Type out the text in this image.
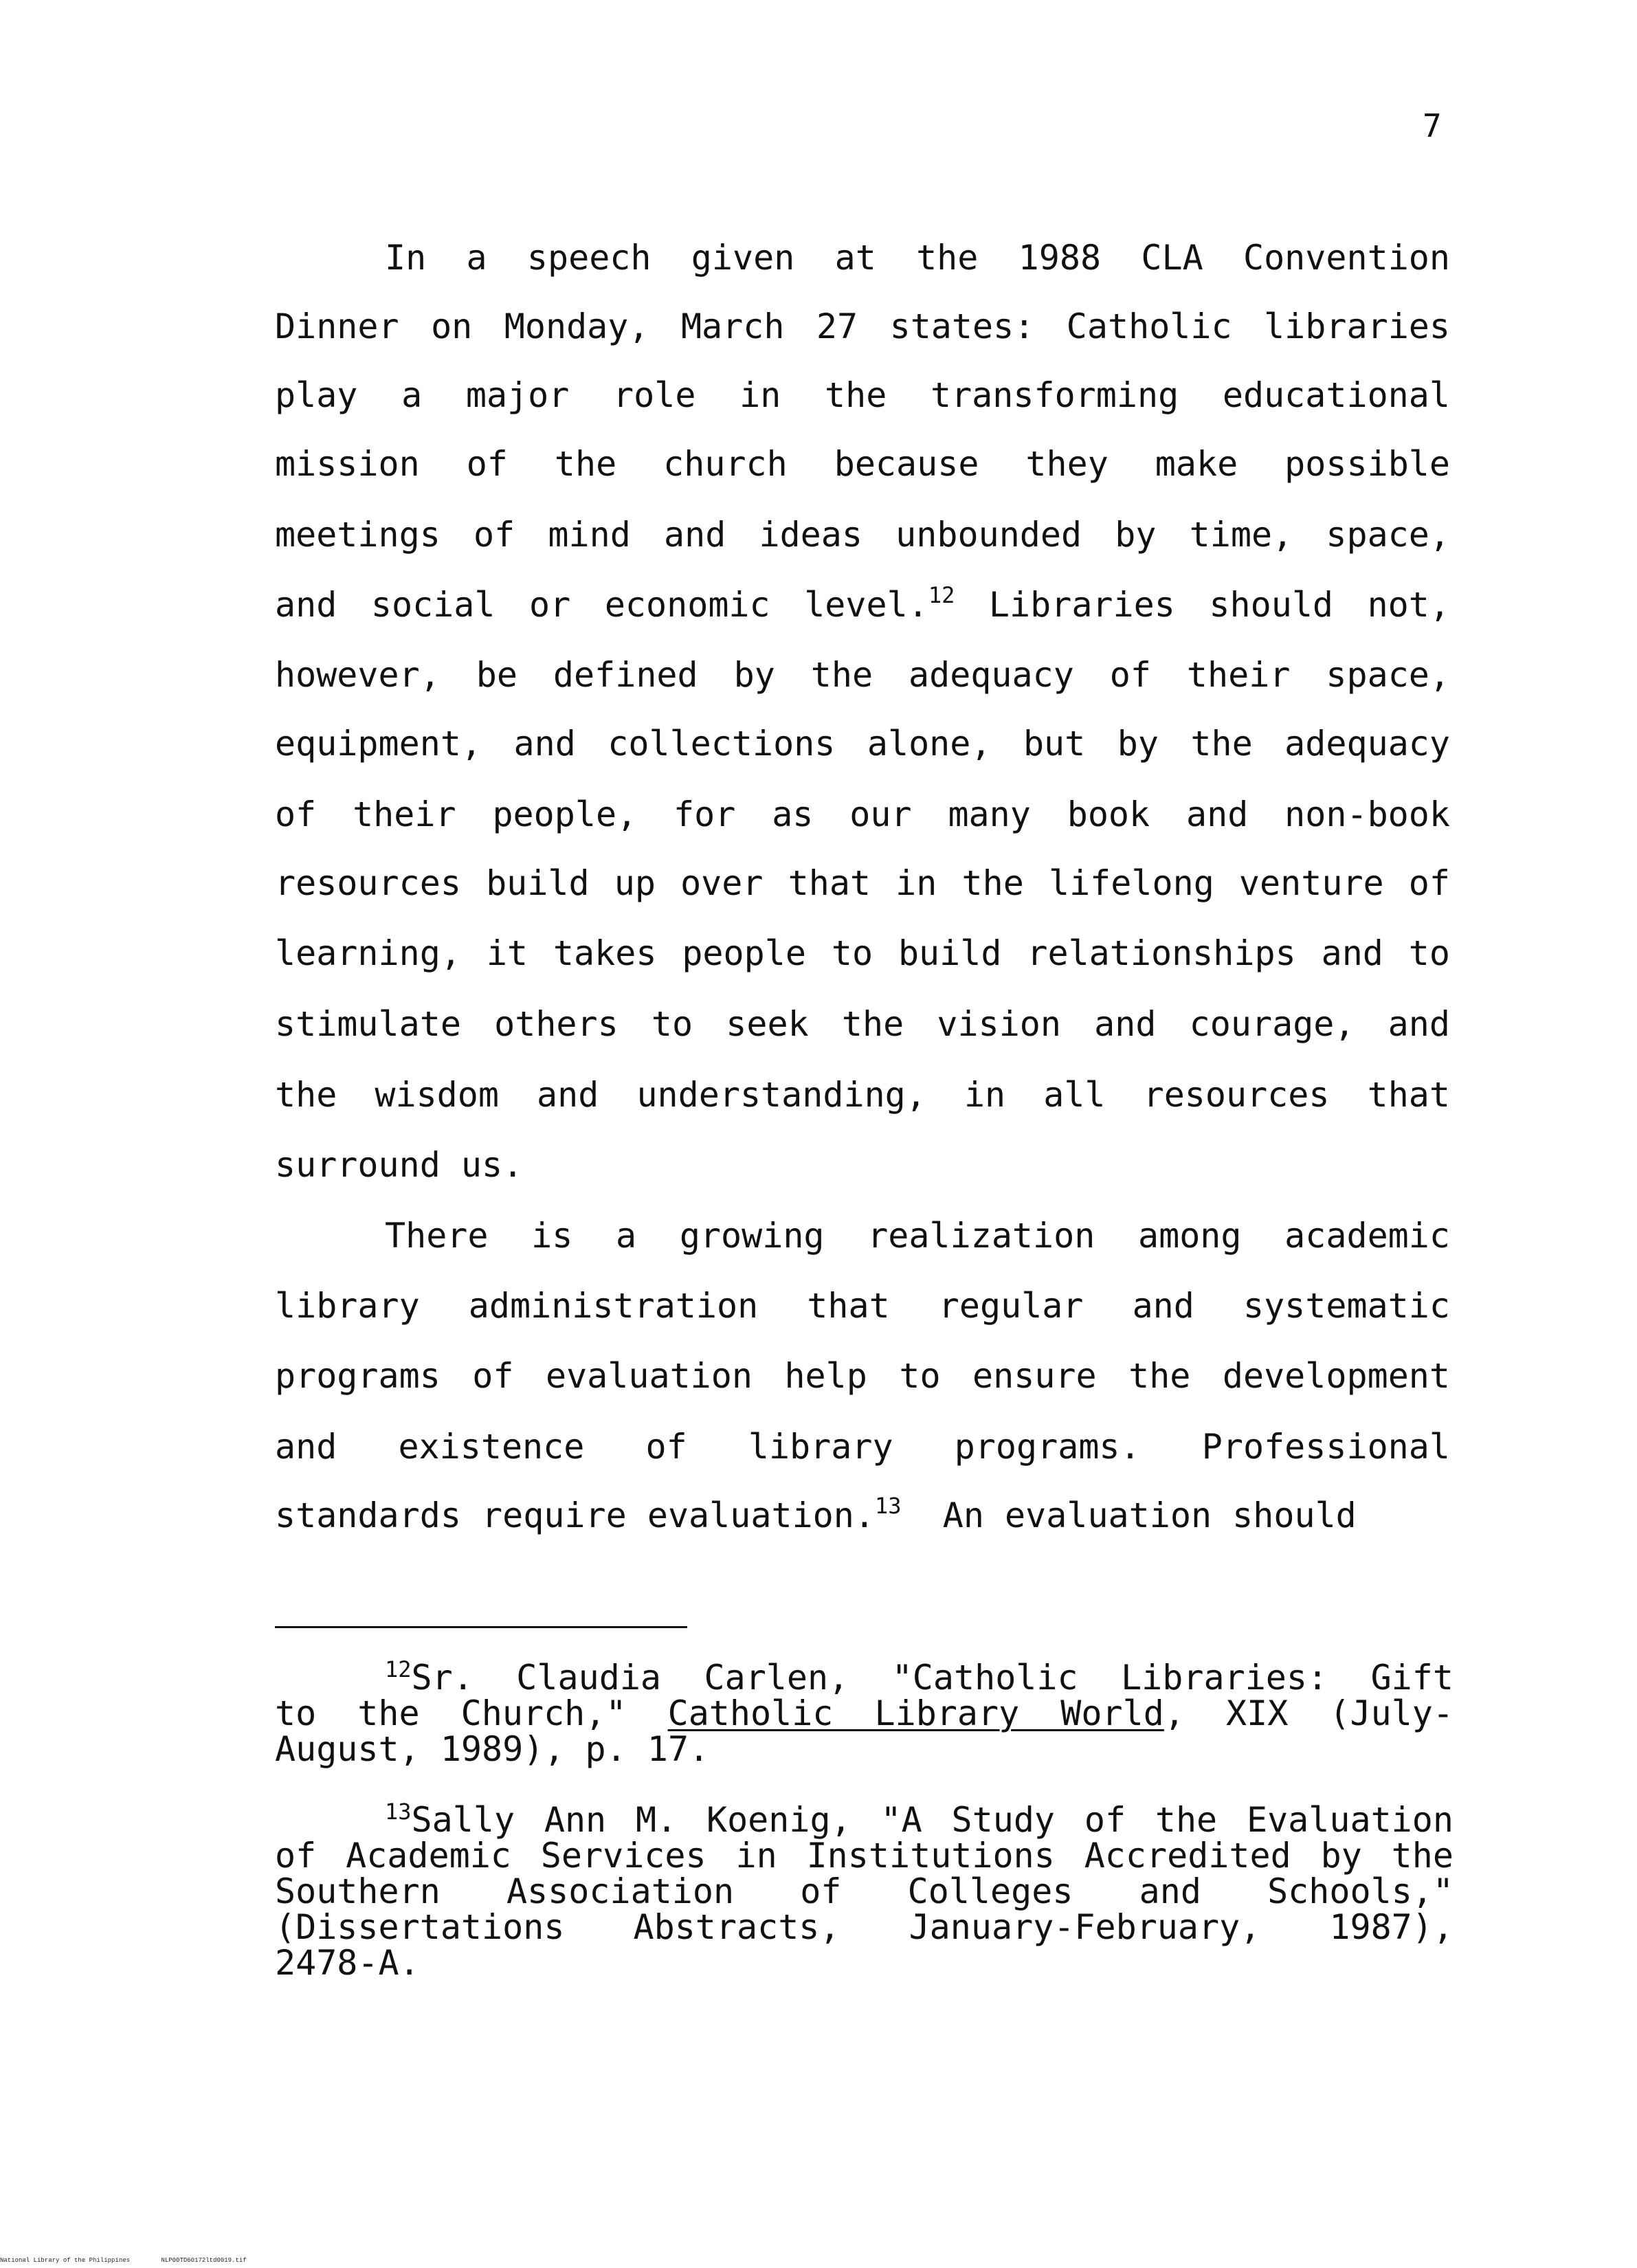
7
In a speech given at the 1988 CLA Convention
Dinner on Monday, March 27 states: Catholic libraries
play a major role in the transforming educational
mission of the church because they make possible
meetings of mind and ideas unbounded by time, space,
and social or economic level.$^{12}$ Libraries should not,
however, be defined by the adequacy of their space,
equipment, and collections alone, but by the adequacy
of their people, for as our many book and non-book
resources build up over that in the lifelong venture of
learning, it takes people to build relationships and to
stimulate others to seek the vision and courage, and
the wisdom and understanding, in all resources that
surround us.
There is a growing realization among academic
library administration that regular and systematic
programs of evaluation help to ensure the development
and existence of library programs. Professional
standards require evaluation.$^{13}$ An evaluation should
$^{12}$Sr. Claudia Carlen, "Catholic Libraries: Gift
to the Church," Catholic Library World, XIX (July-
August, 1989), p. 17.
$^{13}$Sally Ann M. Koenig, "A Study of the Evaluation
of Academic Services in Institutions Accredited by the
Southern Association of Colleges and Schools,"
(Dissertations Abstracts, January-February, 1987),
2478-A.
National Library of the Philippines	NLP00TD60172ltd0019.tif
